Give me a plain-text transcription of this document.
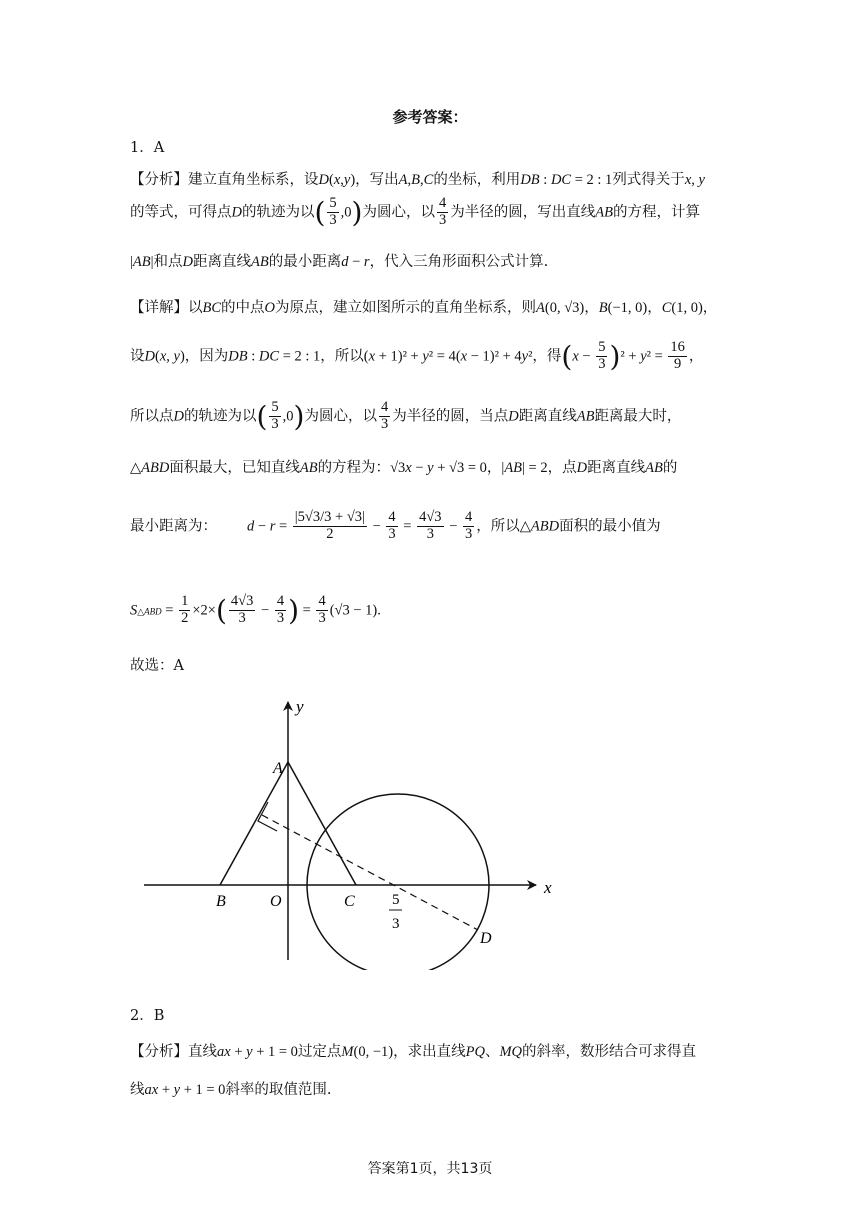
参考答案：
1．A
【分析】建立直角坐标系，设D(x,y)，写出A,B,C的坐标，利用DB : DC = 2 : 1列式得关于x, y
的等式，可得点D的轨迹为以( $\frac{5}{3} ,0$)为圆心，以 $\frac{4}{3}$ 为半径的圆，写出直线AB的方程，计算
|AB|和点D距离直线AB的最小距离d − r，代入三角形面积公式计算.
【详解】以BC的中点O为原点，建立如图所示的直角坐标系，则A(0, √3)，B(−1, 0)，C(1, 0)，
设D(x, y)，因为DB : DC = 2 : 1，所以(x + 1)² + y² = 4(x − 1)² + 4y²，得$(x - \frac{5}{3} )^2 + y^2 = \frac{16}{9}$ ，
所以点D的轨迹为以( $\frac{5}{3} ,0$)为圆心，以 $\frac{4}{3}$ 为半径的圆，当点D距离直线AB距离最大时，
△ABD面积最大，已知直线AB的方程为：√3x − y + √3 = 0，|AB| = 2，点D距离直线AB的
最小距离为： $d - r = \frac{|5√3/3 + √3|}{2} - \frac{4}{3} = \frac{4√3}{3} - \frac{4}{3}$ ，所以△ABD面积的最小值为
S△ABD = $\frac{1}{2} \times 2\times( \frac{4√3}{3} - \frac{4}{3}$ ) = $\frac{4}{3} (√3 - 1)$.
故选：A
y
x
A
B	O	C
D
5
3
2．B
【分析】直线ax + y + 1 = 0过定点M(0, −1)，求出直线PQ、MQ的斜率，数形结合可求得直
线ax + y + 1 = 0斜率的取值范围.
答案第1页，共13页
